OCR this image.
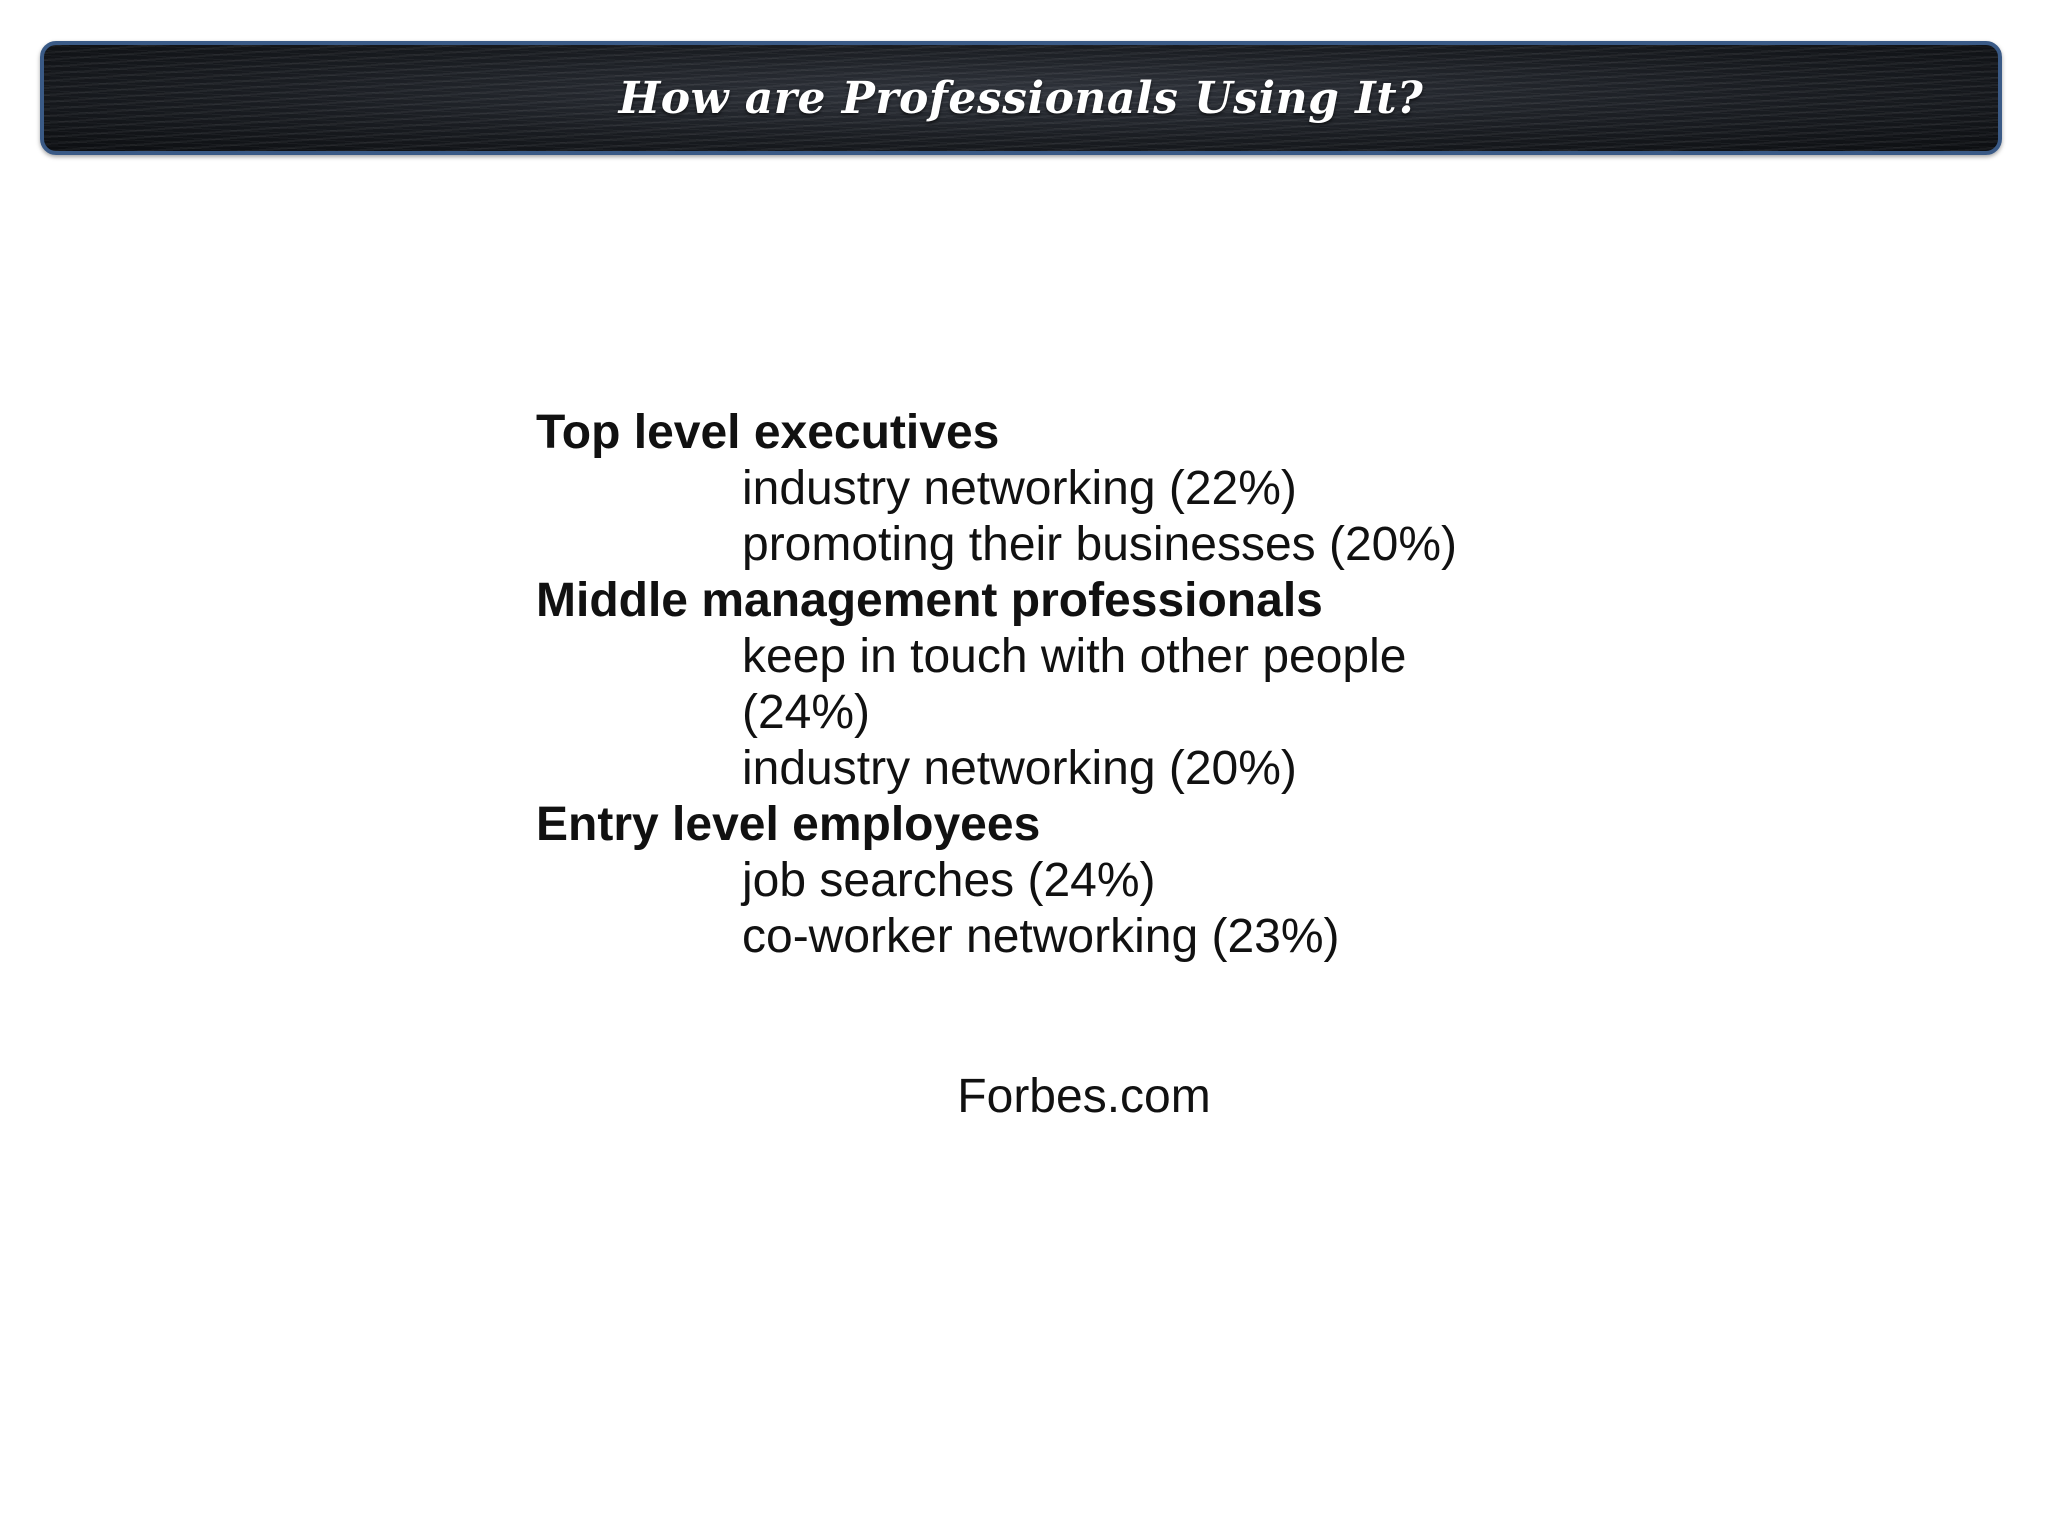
How are Professionals Using It?

Top level executives

industry networking (22%)

promoting their businesses (20%)

Middle management professionals

keep in touch with other people (24%)

industry networking (20%)

Entry level employees

job searches (24%)

co-worker networking (23%)

Forbes.com
